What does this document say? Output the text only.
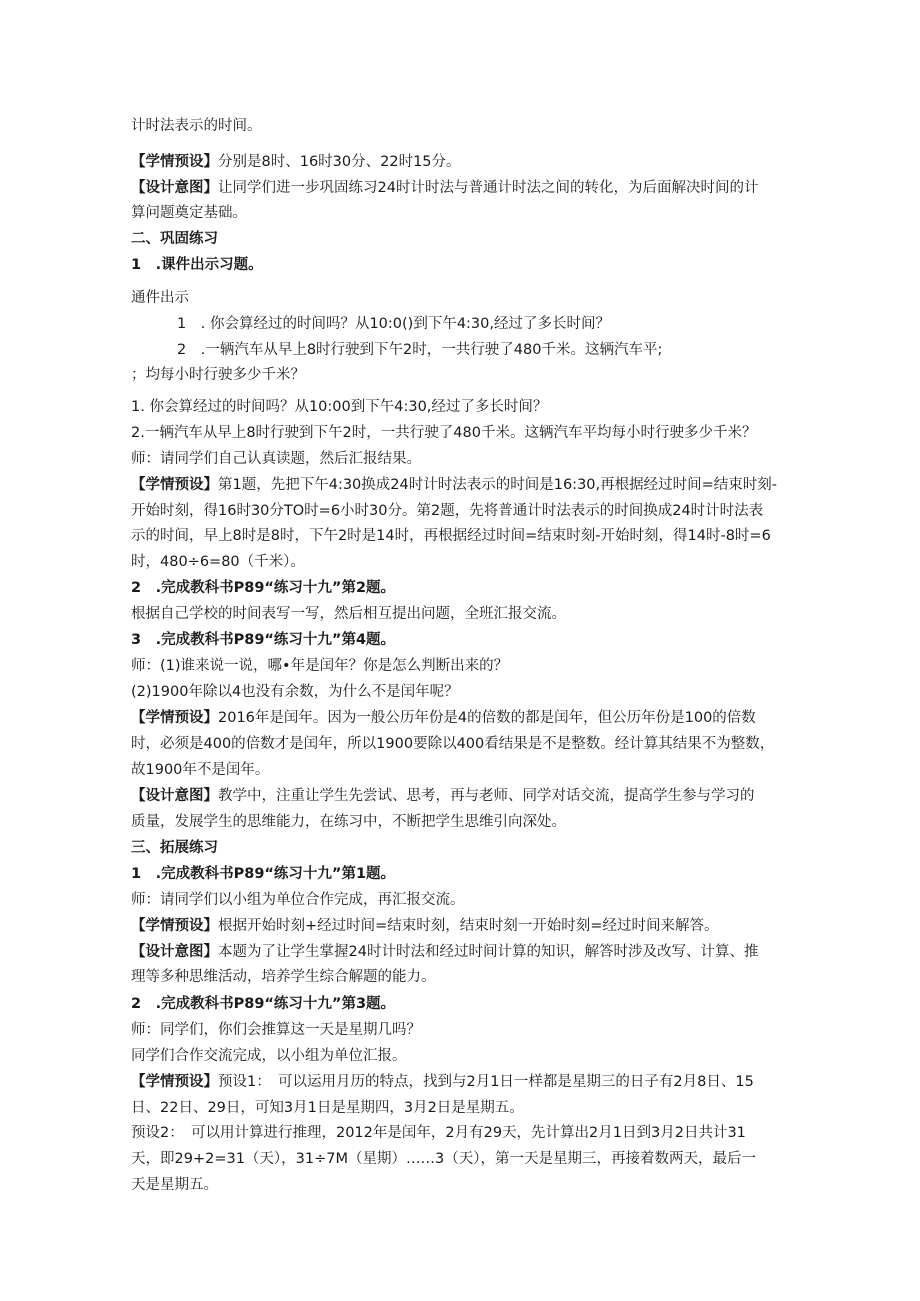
计时法表示的时间。
【学情预设】分别是8时、16时30分、22时15分。
【设计意图】让同学们进一步巩固练习24时计时法与普通计时法之间的转化，为后面解决时间的计
算问题奠定基础。
二、巩固练习
1　.课件出示习题。
通件出示
1　. 你会算经过的时间吗？从10:0()到下午4:30,经过了多长时间？
2　.一辆汽车从早上8时行驶到下午2时，一共行驶了480千米。这辆汽车平;
；均每小时行驶多少千米？
1. 你会算经过的时间吗？从10:00到下午4:30,经过了多长时间？
2.一辆汽车从早上8时行驶到下午2时，一共行驶了480千米。这辆汽车平均每小时行驶多少千米？
师：请同学们自己认真读题，然后汇报结果。
【学情预设】第1题，先把下午4:30换成24时计时法表示的时间是16:30,再根据经过时间=结束时刻-
开始时刻，得16时30分TO时=6小时30分。第2题，先将普通计时法表示的时间换成24时计时法表
示的时间，早上8时是8时，下午2时是14时，再根据经过时间=结束时刻-开始时刻，得14时-8时=6
时，480÷6=80（千米）。
2　.完成教科书P89“练习十九”第2题。
根据自己学校的时间表写一写，然后相互提出问题，全班汇报交流。
3　.完成教科书P89“练习十九”第4题。
师：(1)谁来说一说，哪•年是闰年？你是怎么判断出来的？
(2)1900年除以4也没有余数，为什么不是闰年呢？
【学情预设】2016年是闰年。因为一般公历年份是4的倍数的都是闰年，但公历年份是100的倍数
时，必须是400的倍数才是闰年，所以1900要除以400看结果是不是整数。经计算其结果不为整数，
故1900年不是闰年。
【设计意图】教学中，注重让学生先尝试、思考，再与老师、同学对话交流，提高学生参与学习的
质量，发展学生的思维能力，在练习中，不断把学生思维引向深处。
三、拓展练习
1　.完成教科书P89“练习十九”第1题。
师：请同学们以小组为单位合作完成，再汇报交流。
【学情预设】根据开始时刻+经过时间=结束时刻，结束时刻一开始时刻=经过时间来解答。
【设计意图】本题为了让学生掌握24时计时法和经过时间计算的知识，解答时涉及改写、计算、推
理等多种思维活动，培养学生综合解题的能力。
2　.完成教科书P89“练习十九”第3题。
师：同学们，你们会推算这一天是星期几吗？
同学们合作交流完成，以小组为单位汇报。
【学情预设】预设1：　可以运用月历的特点，找到与2月1日一样都是星期三的日子有2月8日、15
日、22日、29日，可知3月1日是星期四，3月2日是星期五。
预设2：　可以用计算进行推理，2012年是闰年，2月有29天，先计算出2月1日到3月2日共计31
天，即29+2=31（天），31÷7M（星期）……3（天），第一天是星期三，再接着数两天，最后一
天是星期五。
